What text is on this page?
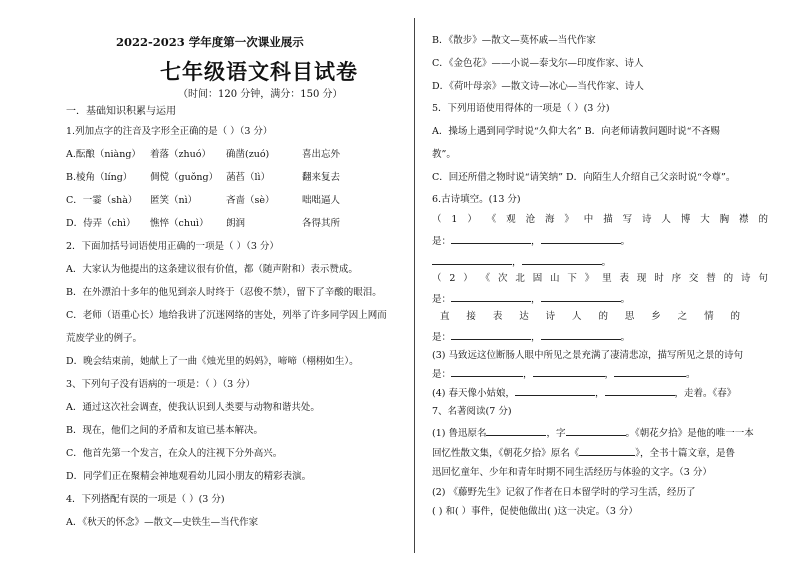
2022-2023 学年度第一次课业展示
七年级语文科目试卷
（时间：120 分钟，满分：150 分）
一．基础知识积累与运用
1.列加点字的注音及字形全正确的是（ ）（3 分）
A.酝酿（niàng） 着落（zhuó） 确凿(zuó)	喜出忘外
B.棱角（líng） 倜傥（guǒng） 菡萏（lì）	翻来复去
C．一霎（shà） 匿笑（nì）	吝啬（sè）	咄咄逼人
D．侍弄（chì） 憔悴（chuì） 朗润	各得其所
2．下面加括号词语使用正确的一项是（ ）（3 分）
A．大家认为他提出的这条建议很有价值，都（随声附和）表示赞成。
B．在外漂泊十多年的他见到亲人时终于（忍俊不禁），留下了辛酸的眼泪。
C．老师（语重心长）地给我讲了沉迷网络的害处，列举了许多同学因上网而
荒废学业的例子。
D．晚会结束前，她献上了一曲《烛光里的妈妈》，啼啼（栩栩如生）。
3、下列句子没有语病的一项是：（ ）（3 分）
A．通过这次社会调查，使我认识到人类要与动物和谐共处。
B．现在，他们之间的矛盾和友谊已基本解决。
C．他首先第一个发言，在众人的注视下分外高兴。
D．同学们正在聚精会神地观看幼儿园小朋友的精彩表演。
4．下列搭配有误的一项是（ ）(3 分)
A．《秋天的怀念》—散文—史铁生—当代作家
B．《散步》—散文—莫怀戚—当代作家
C．《金色花》——小说—泰戈尔—印度作家、诗人
D．《荷叶母亲》—散文诗—冰心—当代作家、诗人
5．下列用语使用得体的一项是（ ）(3 分)
A．操场上遇到同学时说“久仰大名” B．向老师请教问题时说“不吝赐
教”。
C．回还所借之物时说“请笑纳” D．向陌生人介绍自己父亲时说“令尊”。
6.古诗填空。(13 分)
（ 1 ） 《 观 沧 海 》 中 描 写 诗 人 博 大 胸 襟 的
是：	，	。
，	。
（ 2 ） 《 次 北 固 山 下 》 里 表 现 时 序 交 替 的 诗 句
是：	，	。
直 接 表 达 诗 人 的 思 乡 之 情 的
是：	，	。
(3) 马致远这位断肠人眼中所见之景充满了凄清悲凉，描写所见之景的诗句
是：	，	，	。
(4) 春天像小姑娘，	，	，走着。《春》
7、名著阅读(7 分)
(1) 鲁迅原名	，字	。《朝花夕拾》是他的唯一一本
回忆性散文集，《朝花夕拾》原名《	》，全书十篇文章，是鲁
迅回忆童年、少年和青年时期不同生活经历与体验的文字。（3 分）
(2) 《藤野先生》记叙了作者在日本留学时的学习生活，经历了
( ) 和( ）事件，促使他做出( )这一决定。（3 分）
